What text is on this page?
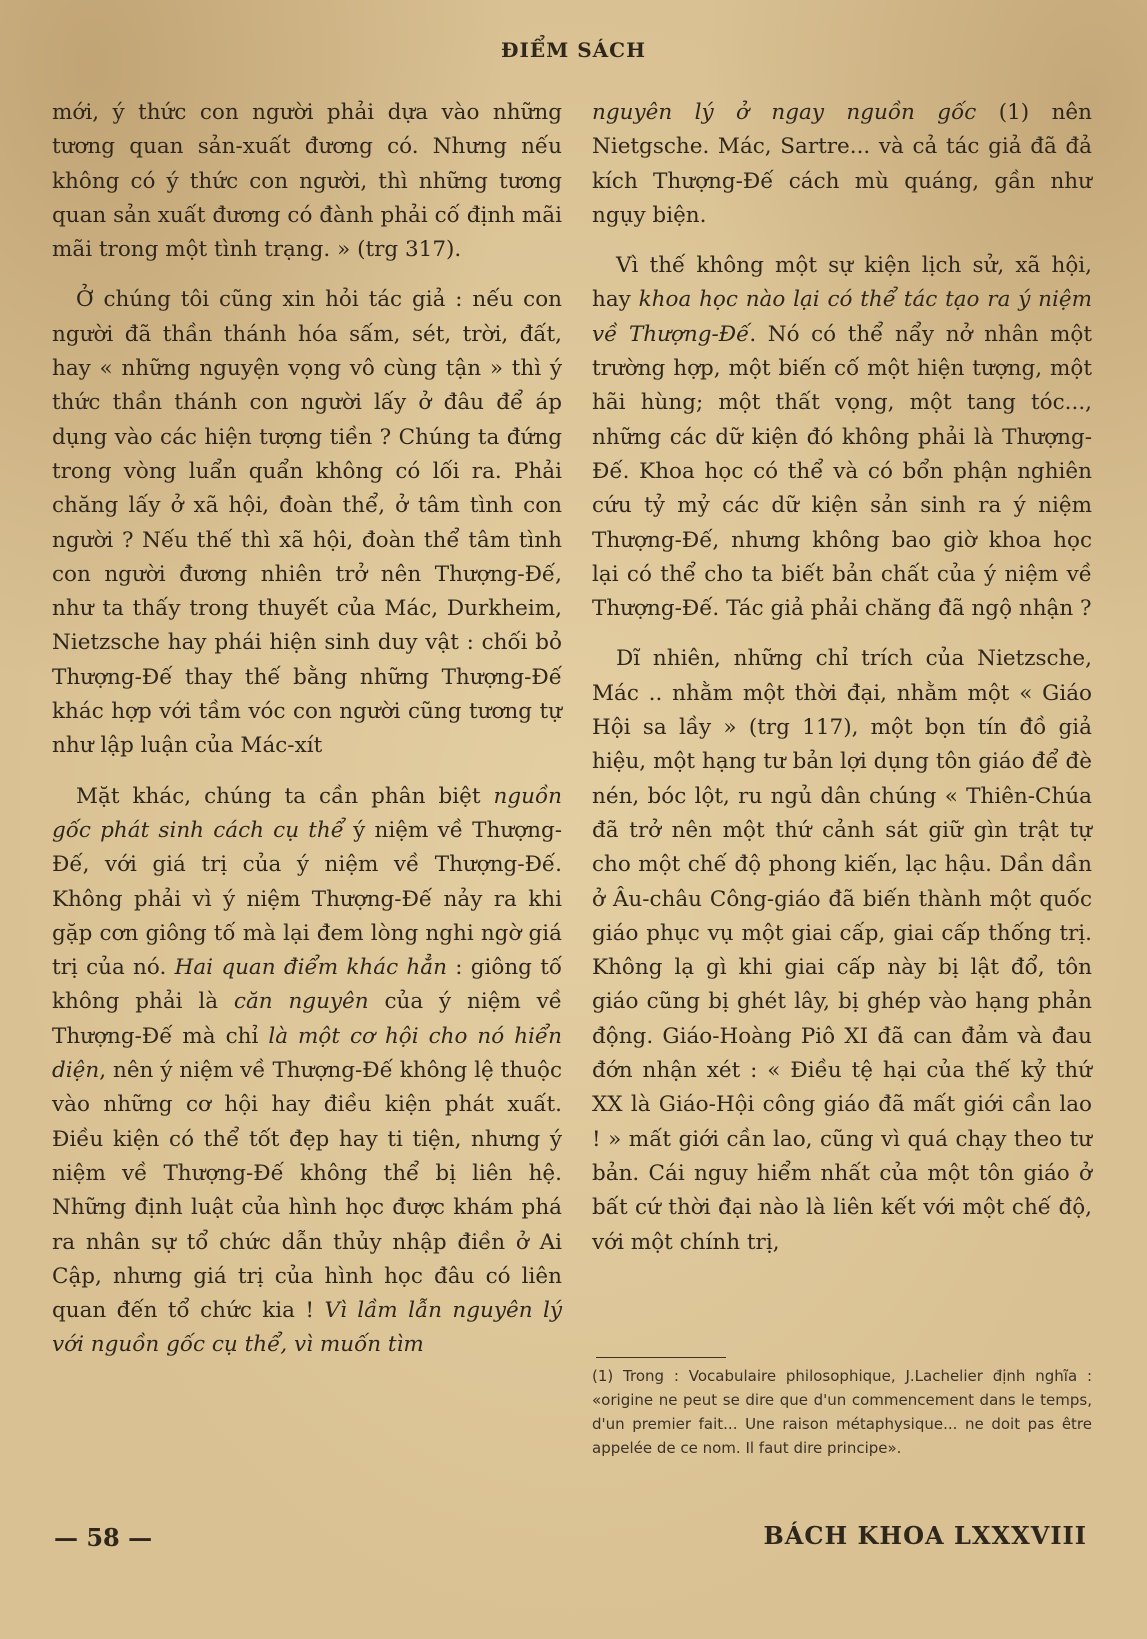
ĐIỂM SÁCH

mới, ý thức con người phải dựa vào những tương quan sản-xuất đương có. Nhưng nếu không có ý thức con người, thì những tương quan sản xuất đương có đành phải cố định mãi mãi trong một tình trạng. » (trg 317).

Ở chúng tôi cũng xin hỏi tác giả : nếu con người đã thần thánh hóa sấm, sét, trời, đất, hay « những nguyện vọng vô cùng tận » thì ý thức thần thánh con người lấy ở đâu để áp dụng vào các hiện tượng tiền ? Chúng ta đứng trong vòng luẩn quẩn không có lối ra. Phải chăng lấy ở xã hội, đoàn thể, ở tâm tình con người ? Nếu thế thì xã hội, đoàn thể tâm tình con người đương nhiên trở nên Thượng-Đế, như ta thấy trong thuyết của Mác, Durkheim, Nietzsche hay phái hiện sinh duy vật : chối bỏ Thượng-Đế thay thế bằng những Thượng-Đế khác hợp với tầm vóc con người cũng tương tự như lập luận của Mác-xít

Mặt khác, chúng ta cần phân biệt nguồn gốc phát sinh cách cụ thể ý niệm về Thượng-Đế, với giá trị của ý niệm về Thượng-Đế. Không phải vì ý niệm Thượng-Đế nảy ra khi gặp cơn giông tố mà lại đem lòng nghi ngờ giá trị của nó. Hai quan điểm khác hẳn : giông tố không phải là căn nguyên của ý niệm về Thượng-Đế mà chỉ là một cơ hội cho nó hiển diện, nên ý niệm về Thượng-Đế không lệ thuộc vào những cơ hội hay điều kiện phát xuất. Điều kiện có thể tốt đẹp hay ti tiện, nhưng ý niệm về Thượng-Đế không thể bị liên hệ. Những định luật của hình học được khám phá ra nhân sự tổ chức dẫn thủy nhập điền ở Ai Cập, nhưng giá trị của hình học đâu có liên quan đến tổ chức kia ! Vì lầm lẫn nguyên lý với nguồn gốc cụ thể, vì muốn tìm

nguyên lý ở ngay nguồn gốc (1) nên Nietgsche. Mác, Sartre... và cả tác giả đã đả kích Thượng-Đế cách mù quáng, gần như ngụy biện.

Vì thế không một sự kiện lịch sử, xã hội, hay khoa học nào lại có thể tác tạo ra ý niệm về Thượng-Đế. Nó có thể nẩy nở nhân một trường hợp, một biến cố một hiện tượng, một hãi hùng; một thất vọng, một tang tóc..., những các dữ kiện đó không phải là Thượng-Đế. Khoa học có thể và có bổn phận nghiên cứu tỷ mỷ các dữ kiện sản sinh ra ý niệm Thượng-Đế, nhưng không bao giờ khoa học lại có thể cho ta biết bản chất của ý niệm về Thượng-Đế. Tác giả phải chăng đã ngộ nhận ?

Dĩ nhiên, những chỉ trích của Nietzsche, Mác .. nhằm một thời đại, nhằm một « Giáo Hội sa lầy » (trg 117), một bọn tín đồ giả hiệu, một hạng tư bản lợi dụng tôn giáo để đè nén, bóc lột, ru ngủ dân chúng « Thiên-Chúa đã trở nên một thứ cảnh sát giữ gìn trật tự cho một chế độ phong kiến, lạc hậu. Dần dần ở Âu-châu Công-giáo đã biến thành một quốc giáo phục vụ một giai cấp, giai cấp thống trị. Không lạ gì khi giai cấp này bị lật đổ, tôn giáo cũng bị ghét lây, bị ghép vào hạng phản động. Giáo-Hoàng Piô XI đã can đảm và đau đớn nhận xét : « Điều tệ hại của thế kỷ thứ XX là Giáo-Hội công giáo đã mất giới cần lao ! » mất giới cần lao, cũng vì quá chạy theo tư bản. Cái nguy hiểm nhất của một tôn giáo ở bất cứ thời đại nào là liên kết với một chế độ, với một chính trị,

(1) Trong : Vocabulaire philosophique, J.Lachelier định nghĩa : «origine ne peut se dire que d'un commencement dans le temps, d'un premier fait... Une raison métaphysique... ne doit pas être appelée de ce nom. Il faut dire principe».
— 58 —	BÁCH KHOA LXXXVIII
